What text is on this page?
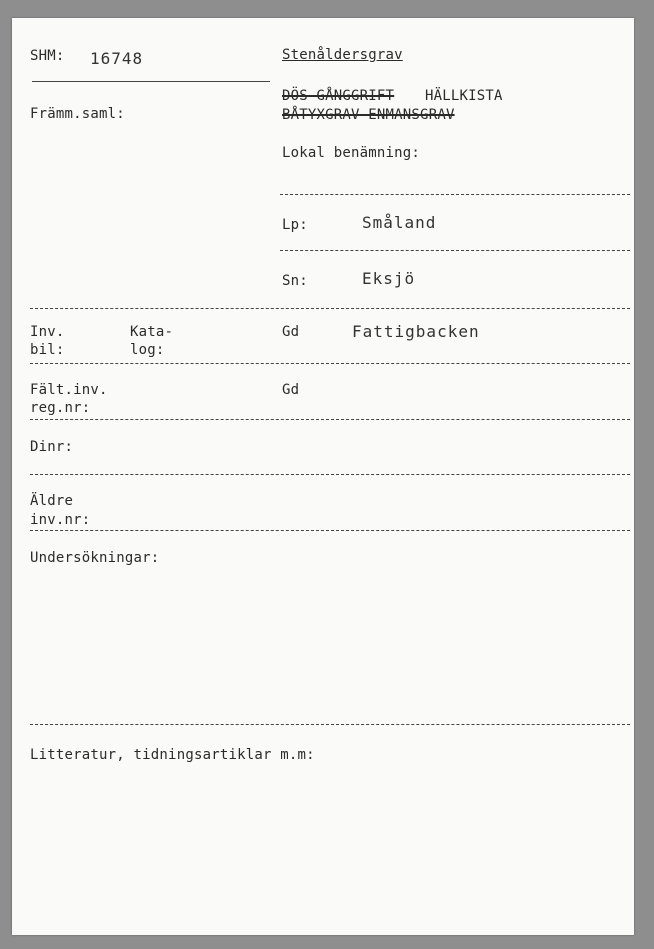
SHM: 16748	Stenåldersgrav
DÖS GÅNGGRIFT HÄLLKISTA
BÅTYXGRAV ENMANSGRAV
Främm.saml:
Lokal benämning:
Lp:	Småland
Sn:	Eksjö
Inv.
bil:
Kata-
log:
Gd	Fattigbacken
Fält.inv.
reg.nr:
Gd
Dinr:
Äldre
inv.nr:
Undersökningar:
Litteratur, tidningsartiklar m.m:
